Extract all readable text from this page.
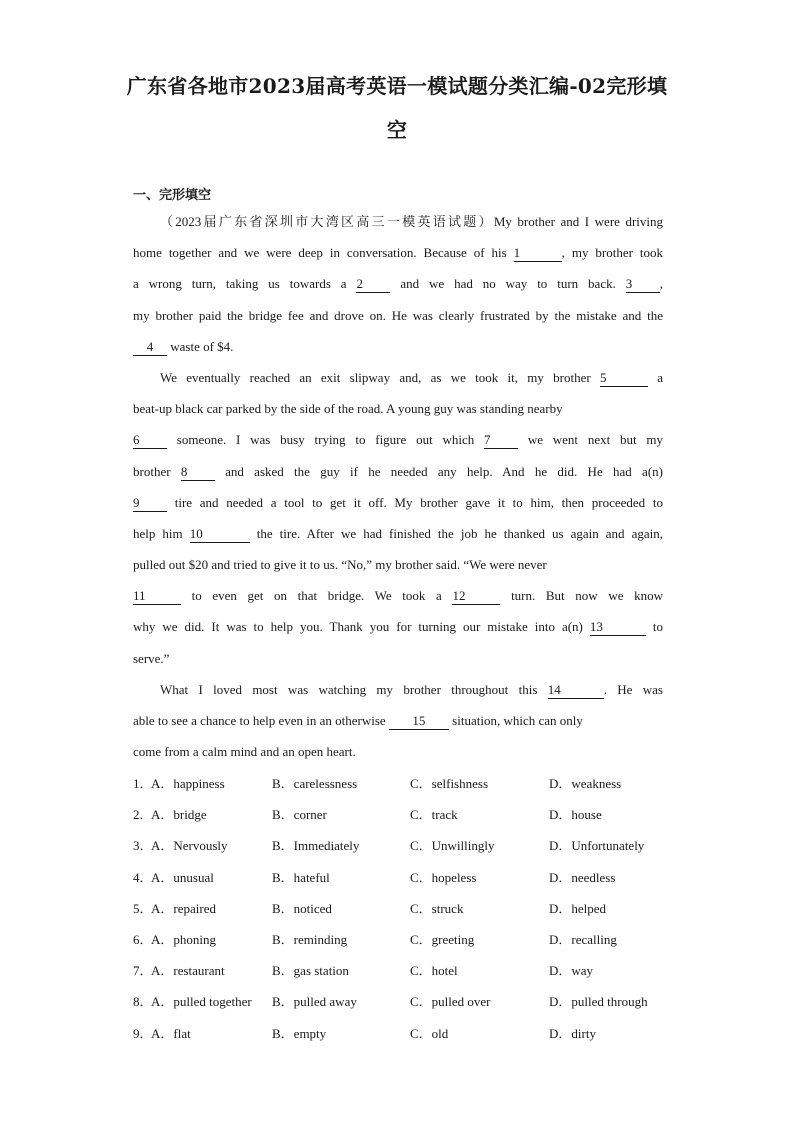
广东省各地市2023届高考英语一模试题分类汇编-02完形填
空
一、完形填空
（2023届广东省深圳市大湾区高三一模英语试题）My brother and I were driving
home together and we were deep in conversation. Because of his 1	, my brother took
a wrong turn, taking us towards a 2 and we had no way to turn back. 3 ,
my brother paid the bridge fee and drove on. He was clearly frustrated by the mistake and the
4 waste of $4.
We eventually reached an exit slipway and, as we took it, my brother 5	a
beat-up black car parked by the side of the road. A young guy was standing nearby
6 someone. I was busy trying to figure out which 7 we went next but my
brother 8 and asked the guy if he needed any help. And he did. He had a(n)
9 tire and needed a tool to get it off. My brother gave it to him, then proceeded to
help him 10	the tire. After we had finished the job he thanked us again and again,
pulled out $20 and tried to give it to us. “No,” my brother said. “We were never
11	to even get on that bridge. We took a 12	turn. But now we know
why we did. It was to help you. Thank you for turning our mistake into a(n) 13	to
serve.”
What I loved most was watching my brother throughout this 14	. He was
able to see a chance to help even in an otherwise 15 situation, which can only
come from a calm mind and an open heart.
1．
A．happiness	B．carelessness	C．selfishness	D．weakness
2．
A．bridge	B．corner	C．track	D．house
3．
A．Nervously	B．Immediately	C．Unwillingly	D．Unfortunately
4．
A．unusual	B．hateful	C．hopeless	D．needless
5．
A．repaired	B．noticed	C．struck	D．helped
6．
A．phoning	B．reminding	C．greeting	D．recalling
7．
A．restaurant	B．gas station	C．hotel	D．way
8．
A．pulled together B．pulled away	C．pulled over	D．pulled through
9．
A．flat	B．empty	C．old	D．dirty
